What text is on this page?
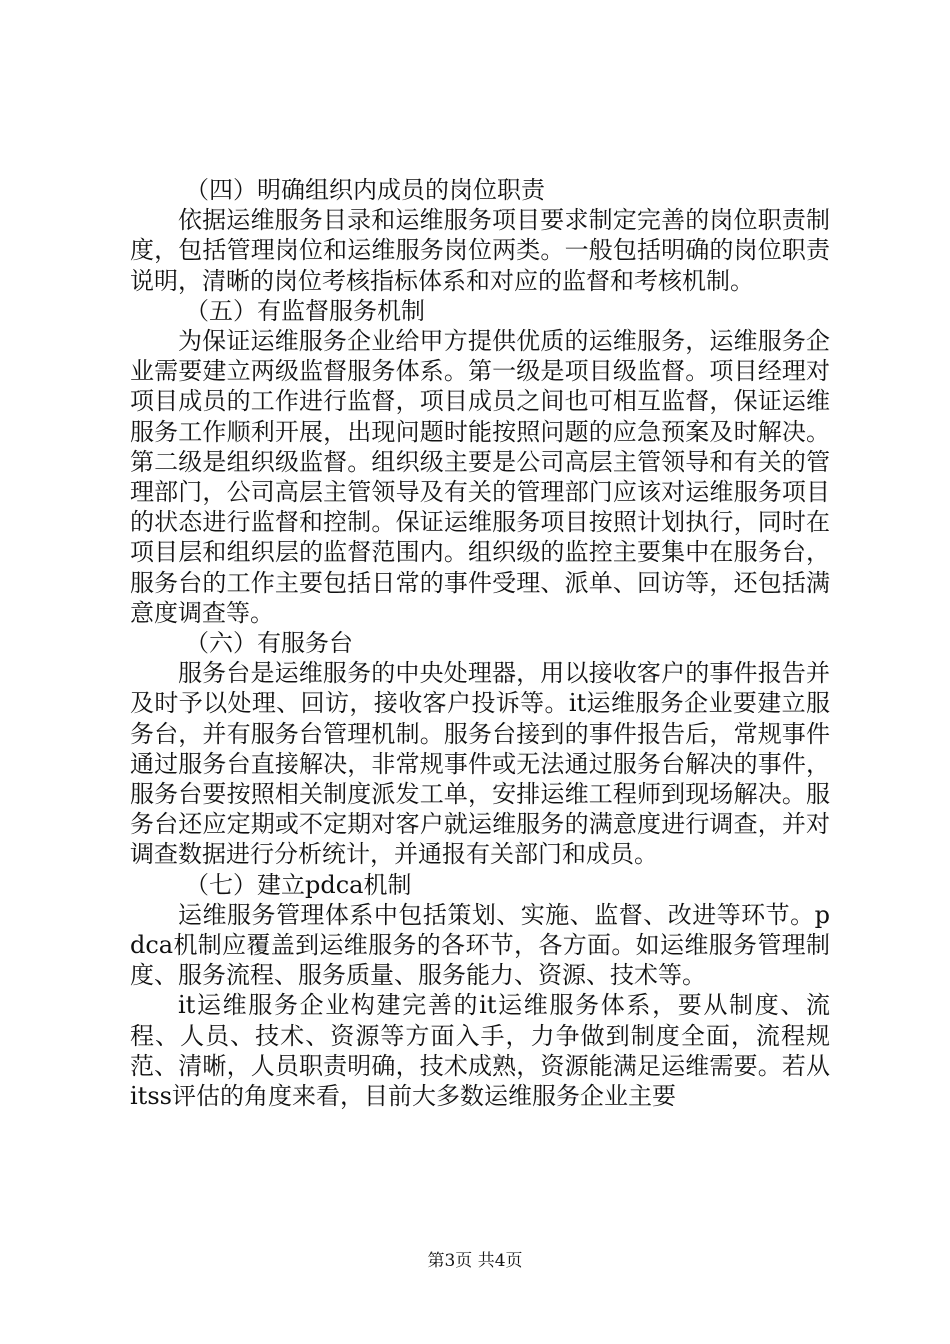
（四）明确组织内成员的岗位职责

依据运维服务目录和运维服务项目要求制定完善的岗位职责制度，包括管理岗位和运维服务岗位两类。一般包括明确的岗位职责说明，清晰的岗位考核指标体系和对应的监督和考核机制。

（五）有监督服务机制

为保证运维服务企业给甲方提供优质的运维服务，运维服务企业需要建立两级监督服务体系。第一级是项目级监督。项目经理对项目成员的工作进行监督，项目成员之间也可相互监督，保证运维服务工作顺利开展，出现问题时能按照问题的应急预案及时解决。第二级是组织级监督。组织级主要是公司高层主管领导和有关的管理部门，公司高层主管领导及有关的管理部门应该对运维服务项目的状态进行监督和控制。保证运维服务项目按照计划执行，同时在项目层和组织层的监督范围内。组织级的监控主要集中在服务台，服务台的工作主要包括日常的事件受理、派单、回访等，还包括满意度调查等。

（六）有服务台

服务台是运维服务的中央处理器，用以接收客户的事件报告并及时予以处理、回访，接收客户投诉等。it运维服务企业要建立服务台，并有服务台管理机制。服务台接到的事件报告后，常规事件通过服务台直接解决，非常规事件或无法通过服务台解决的事件，服务台要按照相关制度派发工单，安排运维工程师到现场解决。服务台还应定期或不定期对客户就运维服务的满意度进行调查，并对调查数据进行分析统计，并通报有关部门和成员。

（七）建立pdca机制

运维服务管理体系中包括策划、实施、监督、改进等环节。pdca机制应覆盖到运维服务的各环节，各方面。如运维服务管理制度、服务流程、服务质量、服务能力、资源、技术等。

it运维服务企业构建完善的it运维服务体系，要从制度、流程、人员、技术、资源等方面入手，力争做到制度全面，流程规范、清晰，人员职责明确，技术成熟，资源能满足运维需要。若从itss评估的角度来看，目前大多数运维服务企业主要

第3页 共4页
